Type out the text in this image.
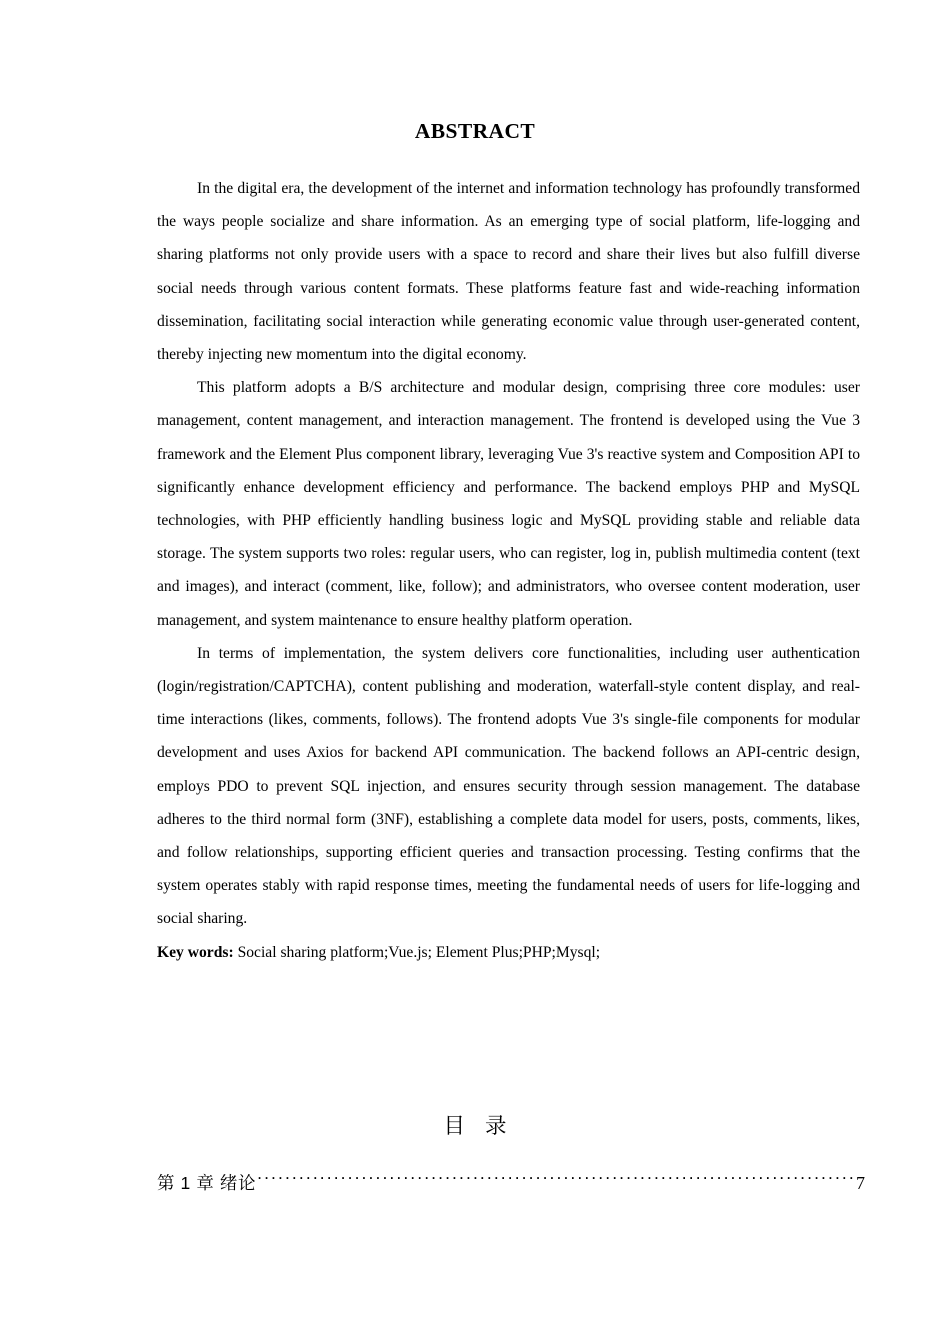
ABSTRACT

In the digital era, the development of the internet and information technology has profoundly transformed the ways people socialize and share information. As an emerging type of social platform, life-logging and sharing platforms not only provide users with a space to record and share their lives but also fulfill diverse social needs through various content formats. These platforms feature fast and wide-reaching information dissemination, facilitating social interaction while generating economic value through user-generated content, thereby injecting new momentum into the digital economy.

This platform adopts a B/S architecture and modular design, comprising three core modules: user management, content management, and interaction management. The frontend is developed using the Vue 3 framework and the Element Plus component library, leveraging Vue 3's reactive system and Composition API to significantly enhance development efficiency and performance. The backend employs PHP and MySQL technologies, with PHP efficiently handling business logic and MySQL providing stable and reliable data storage. The system supports two roles: regular users, who can register, log in, publish multimedia content (text and images), and interact (comment, like, follow); and administrators, who oversee content moderation, user management, and system maintenance to ensure healthy platform operation.

In terms of implementation, the system delivers core functionalities, including user authentication (login/registration/CAPTCHA), content publishing and moderation, waterfall-style content display, and real-time interactions (likes, comments, follows). The frontend adopts Vue 3's single-file components for modular development and uses Axios for backend API communication. The backend follows an API-centric design, employs PDO to prevent SQL injection, and ensures security through session management. The database adheres to the third normal form (3NF), establishing a complete data model for users, posts, comments, likes, and follow relationships, supporting efficient queries and transaction processing. Testing confirms that the system operates stably with rapid response times, meeting the fundamental needs of users for life-logging and social sharing.

Key words: Social sharing platform;Vue.js; Element Plus;PHP;Mysql;

目 录
第 1 章 绪论 .....	7
